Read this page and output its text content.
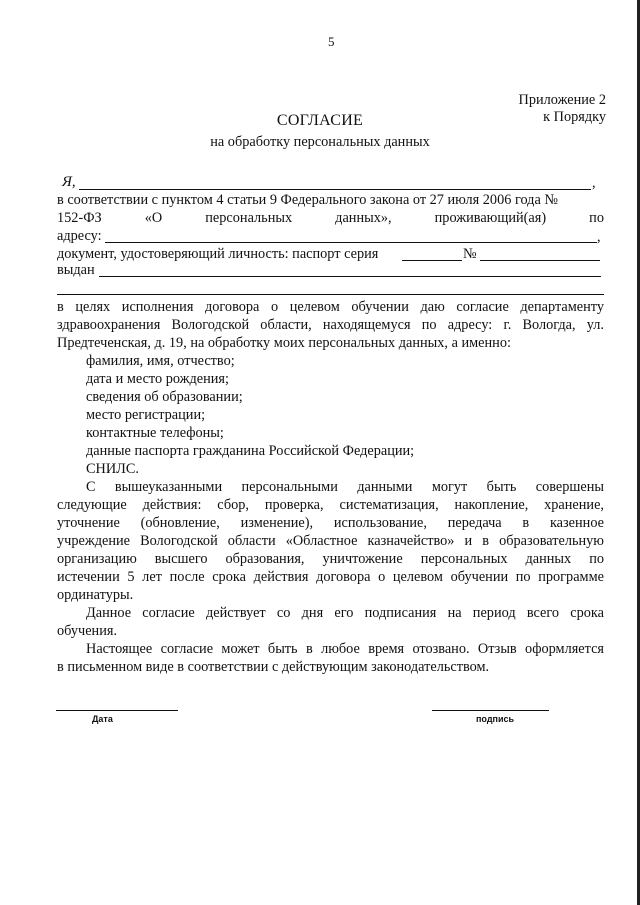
5
Приложение 2
к Порядку
СОГЛАСИЕ
на обработку персональных данных
Я,	,
в соответствии с пунктом 4 статьи 9 Федерального закона от 27 июля 2006 года №
152-ФЗ	«О	персональных	данных»,	проживающий(ая)	по
адресу:	,
документ, удостоверяющий личность: паспорт серия	№
выдан
в целях исполнения договора о целевом обучении даю согласие департаменту
здравоохранения Вологодской области, находящемуся по адресу: г. Вологда, ул.
Предтеченская, д. 19, на обработку моих персональных данных, а именно:
фамилия, имя, отчество;
дата и место рождения;
сведения об образовании;
место регистрации;
контактные телефоны;
данные паспорта гражданина Российской Федерации;
СНИЛС.
С вышеуказанными персональными данными могут быть совершены
следующие действия: сбор, проверка, систематизация, накопление, хранение,
уточнение (обновление, изменение), использование, передача в казенное
учреждение Вологодской области «Областное казначейство» и в образовательную
организацию высшего образования, уничтожение персональных данных по
истечении 5 лет после срока действия договора о целевом обучении по программе
ординатуры.
Данное согласие действует со дня его подписания на период всего срока
обучения.
Настоящее согласие может быть в любое время отозвано. Отзыв оформляется
в письменном виде в соответствии с действующим законодательством.
Дата	подпись
